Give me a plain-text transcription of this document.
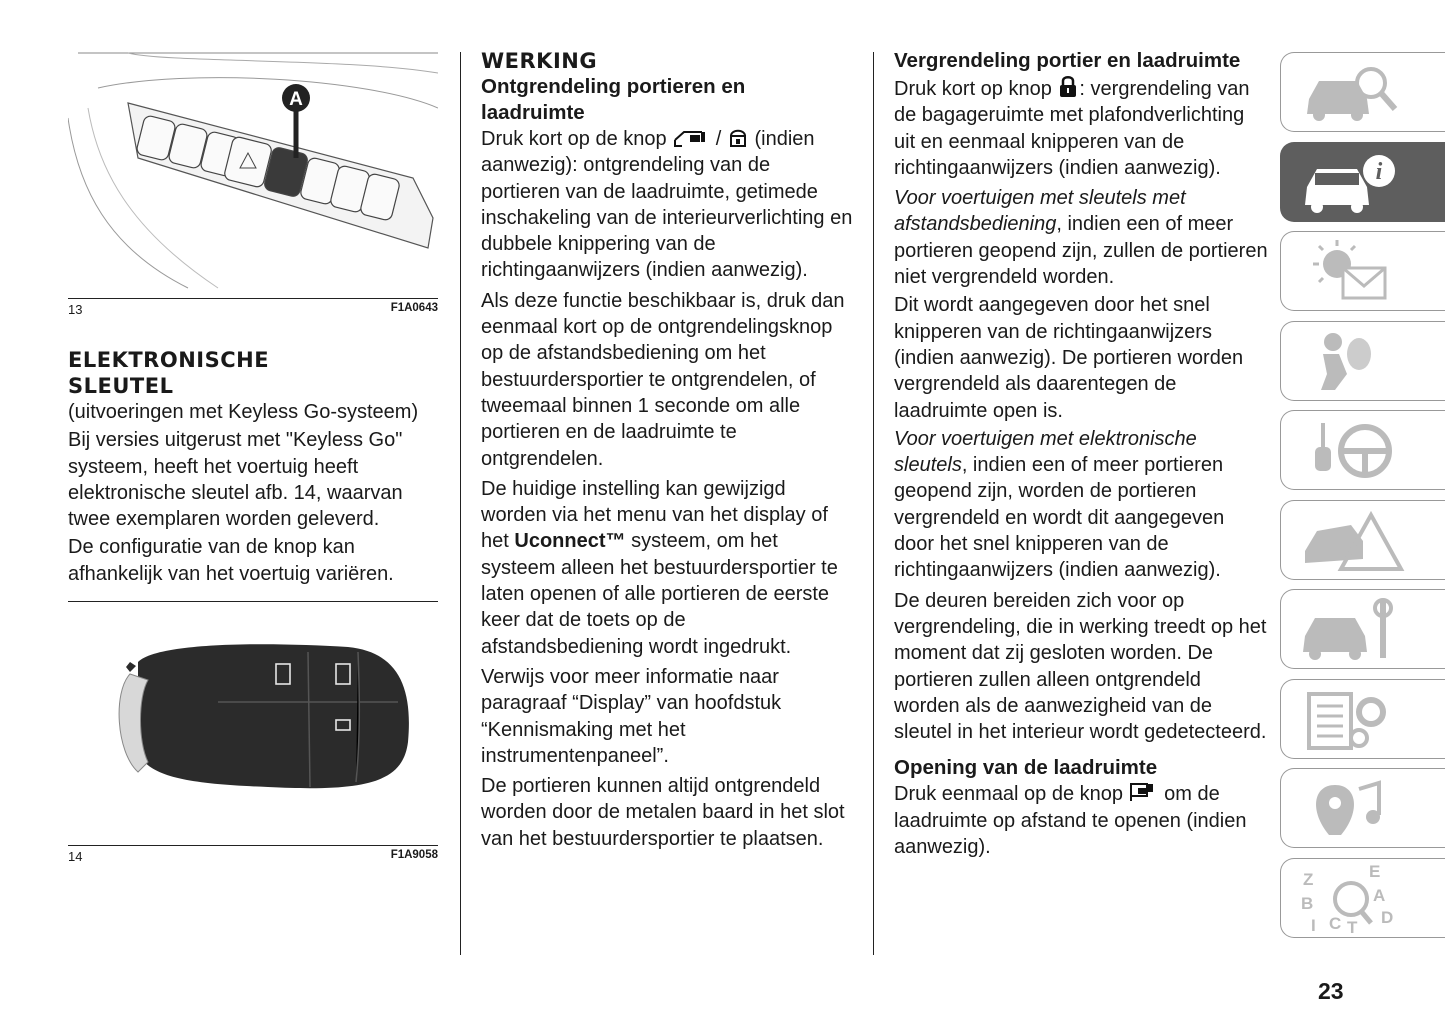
A
13	F1A0643
ELEKTRONISCHE
SLEUTEL

(uitvoeringen met Keyless Go-systeem)

Bij versies uitgerust met "Keyless Go" systeem, heeft het voertuig heeft elektronische sleutel afb. 14, waarvan twee exemplaren worden geleverd.

De configuratie van de knop kan afhankelijk van het voertuig variëren.

14	F1A9058
WERKING
Ontgrendeling portieren en laadruimte

Druk kort op de knop / (indien aanwezig): ontgrendeling van de portieren van de laadruimte, getimede inschakeling van de interieurverlichting en dubbele knippering van de richtingaanwijzers (indien aanwezig).

Als deze functie beschikbaar is, druk dan eenmaal kort op de ontgrendelingsknop op de afstandsbediening om het bestuurdersportier te ontgrendelen, of tweemaal binnen 1 seconde om alle portieren en de laadruimte te ontgrendelen.

De huidige instelling kan gewijzigd worden via het menu van het display of het Uconnect™ systeem, om het systeem alleen het bestuurdersportier te laten openen of alle portieren de eerste keer dat de toets op de afstandsbediening wordt ingedrukt.

Verwijs voor meer informatie naar paragraaf “Display” van hoofdstuk “Kennismaking met het instrumentenpaneel”.

De portieren kunnen altijd ontgrendeld worden door de metalen baard in het slot van het bestuurdersportier te plaatsen.

Vergrendeling portier en laadruimte

Druk kort op knop : vergrendeling van de bagageruimte met plafondverlichting uit en eenmaal knipperen van de richtingaanwijzers (indien aanwezig).

Voor voertuigen met sleutels met afstandsbediening, indien een of meer portieren geopend zijn, zullen de portieren niet vergrendeld worden.

Dit wordt aangegeven door het snel knipperen van de richtingaanwijzers (indien aanwezig). De portieren worden vergrendeld als daarentegen de laadruimte open is.

Voor voertuigen met elektronische sleutels, indien een of meer portieren geopend zijn, worden de portieren vergrendeld en wordt dit aangegeven door het snel knipperen van de richtingaanwijzers (indien aanwezig).

De deuren bereiden zich voor op vergrendeling, die in werking treedt op het moment dat zij gesloten worden. De portieren zullen alleen ontgrendeld worden als de aanwezigheid van de sleutel in het interieur wordt gedetecteerd.

Opening van de laadruimte

Druk eenmaal op de knop om de laadruimte op afstand te openen (indien aanwezig).

i
Z	E
A
B
D
I C T
23
